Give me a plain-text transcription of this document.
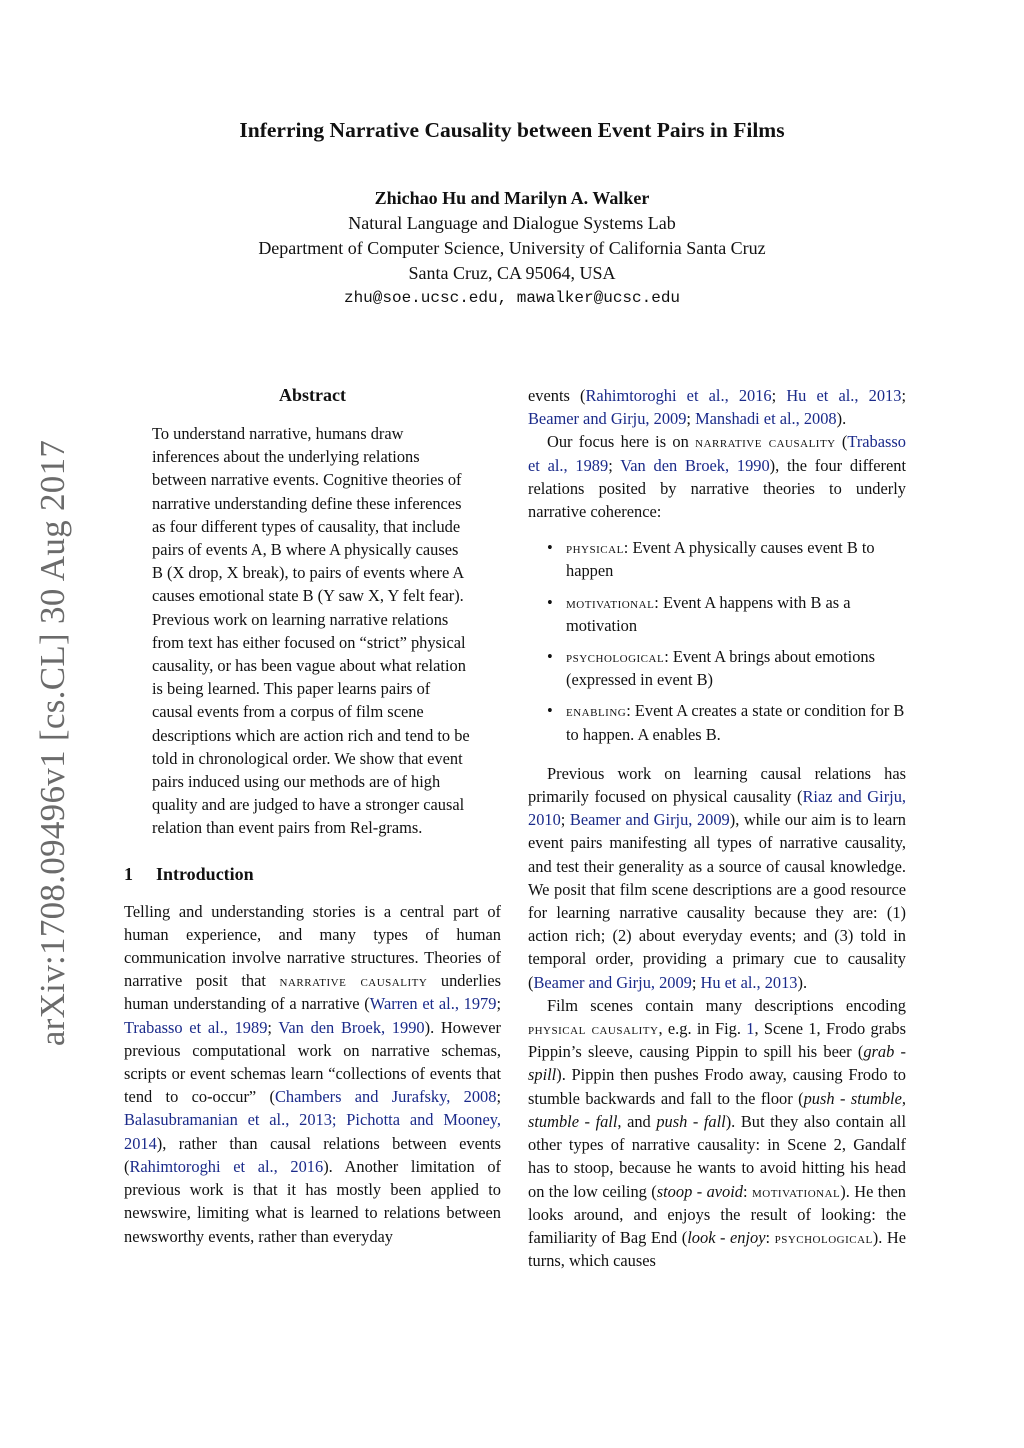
arXiv:1708.09496v1 [cs.CL] 30 Aug 2017
Inferring Narrative Causality between Event Pairs in Films
Zhichao Hu and Marilyn A. Walker
Natural Language and Dialogue Systems Lab
Department of Computer Science, University of California Santa Cruz
Santa Cruz, CA 95064, USA
zhu@soe.ucsc.edu, mawalker@ucsc.edu
Abstract
To understand narrative, humans draw inferences about the underlying relations between narrative events. Cognitive theories of narrative understanding define these inferences as four different types of causality, that include pairs of events A, B where A physically causes B (X drop, X break), to pairs of events where A causes emotional state B (Y saw X, Y felt fear). Previous work on learning narrative relations from text has either focused on “strict” physical causality, or has been vague about what relation is being learned. This paper learns pairs of causal events from a corpus of film scene descriptions which are action rich and tend to be told in chronological order. We show that event pairs induced using our methods are of high quality and are judged to have a stronger causal relation than event pairs from Rel-grams.
1 Introduction

Telling and understanding stories is a central part of human experience, and many types of human communication involve narrative structures. Theories of narrative posit that narrative causality underlies human understanding of a narrative (Warren et al., 1979; Trabasso et al., 1989; Van den Broek, 1990). However previous computational work on narrative schemas, scripts or event schemas learn “collections of events that tend to co-occur” (Chambers and Jurafsky, 2008; Balasubramanian et al., 2013; Pichotta and Mooney, 2014), rather than causal relations between events (Rahimtoroghi et al., 2016). Another limitation of previous work is that it has mostly been applied to newswire, limiting what is learned to relations between newsworthy events, rather than everyday

events (Rahimtoroghi et al., 2016; Hu et al., 2013; Beamer and Girju, 2009; Manshadi et al., 2008).

Our focus here is on narrative causality (Trabasso et al., 1989; Van den Broek, 1990), the four different relations posited by narrative theories to underly narrative coherence:

• physical: Event A physically causes event B to happen
• motivational: Event A happens with B as a motivation
• psychological: Event A brings about emotions (expressed in event B)
• enabling: Event A creates a state or condition for B to happen. A enables B.

Previous work on learning causal relations has primarily focused on physical causality (Riaz and Girju, 2010; Beamer and Girju, 2009), while our aim is to learn event pairs manifesting all types of narrative causality, and test their generality as a source of causal knowledge. We posit that film scene descriptions are a good resource for learning narrative causality because they are: (1) action rich; (2) about everyday events; and (3) told in temporal order, providing a primary cue to causality (Beamer and Girju, 2009; Hu et al., 2013).

Film scenes contain many descriptions encoding physical causality, e.g. in Fig. 1, Scene 1, Frodo grabs Pippin’s sleeve, causing Pippin to spill his beer (grab - spill). Pippin then pushes Frodo away, causing Frodo to stumble backwards and fall to the floor (push - stumble, stumble - fall, and push - fall). But they also contain all other types of narrative causality: in Scene 2, Gandalf has to stoop, because he wants to avoid hitting his head on the low ceiling (stoop - avoid: motivational). He then looks around, and enjoys the result of looking: the familiarity of Bag End (look - enjoy: psychological). He turns, which causes
